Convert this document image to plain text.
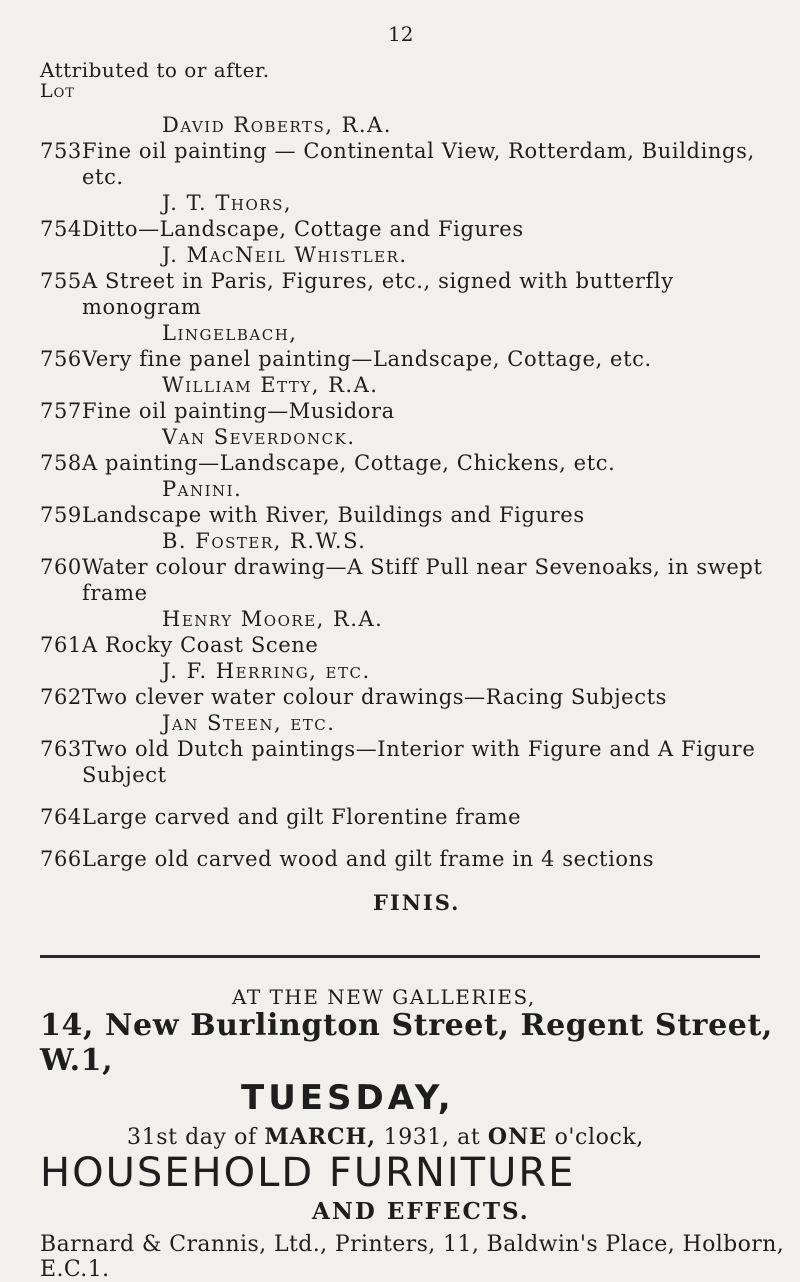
12
Attributed to or after.
Lot
David Roberts, R.A.
753 Fine oil painting — Continental View, Rotterdam, Buildings, etc.
J. T. Thors,
754 Ditto—Landscape, Cottage and Figures
J. MacNeil Whistler.
755 A Street in Paris, Figures, etc., signed with butterfly monogram
Lingelbach,
756 Very fine panel painting—Landscape, Cottage, etc.
William Etty, R.A.
757 Fine oil painting—Musidora
Van Severdonck.
758 A painting—Landscape, Cottage, Chickens, etc.
Panini.
759 Landscape with River, Buildings and Figures
B. Foster, R.W.S.
760 Water colour drawing—A Stiff Pull near Sevenoaks, in swept frame
Henry Moore, R.A.
761 A Rocky Coast Scene
J. F. Herring, etc.
762 Two clever water colour drawings—Racing Subjects
Jan Steen, etc.
763 Two old Dutch paintings—Interior with Figure and A Figure Subject
764 Large carved and gilt Florentine frame
766 Large old carved wood and gilt frame in 4 sections
FINIS.
AT THE NEW GALLERIES,
14, New Burlington Street, Regent Street, W.1,
TUESDAY,
31st day of MARCH, 1931, at ONE o'clock,
HOUSEHOLD FURNITURE
AND EFFECTS.
Barnard & Crannis, Ltd., Printers, 11, Baldwin's Place, Holborn, E.C.1.
